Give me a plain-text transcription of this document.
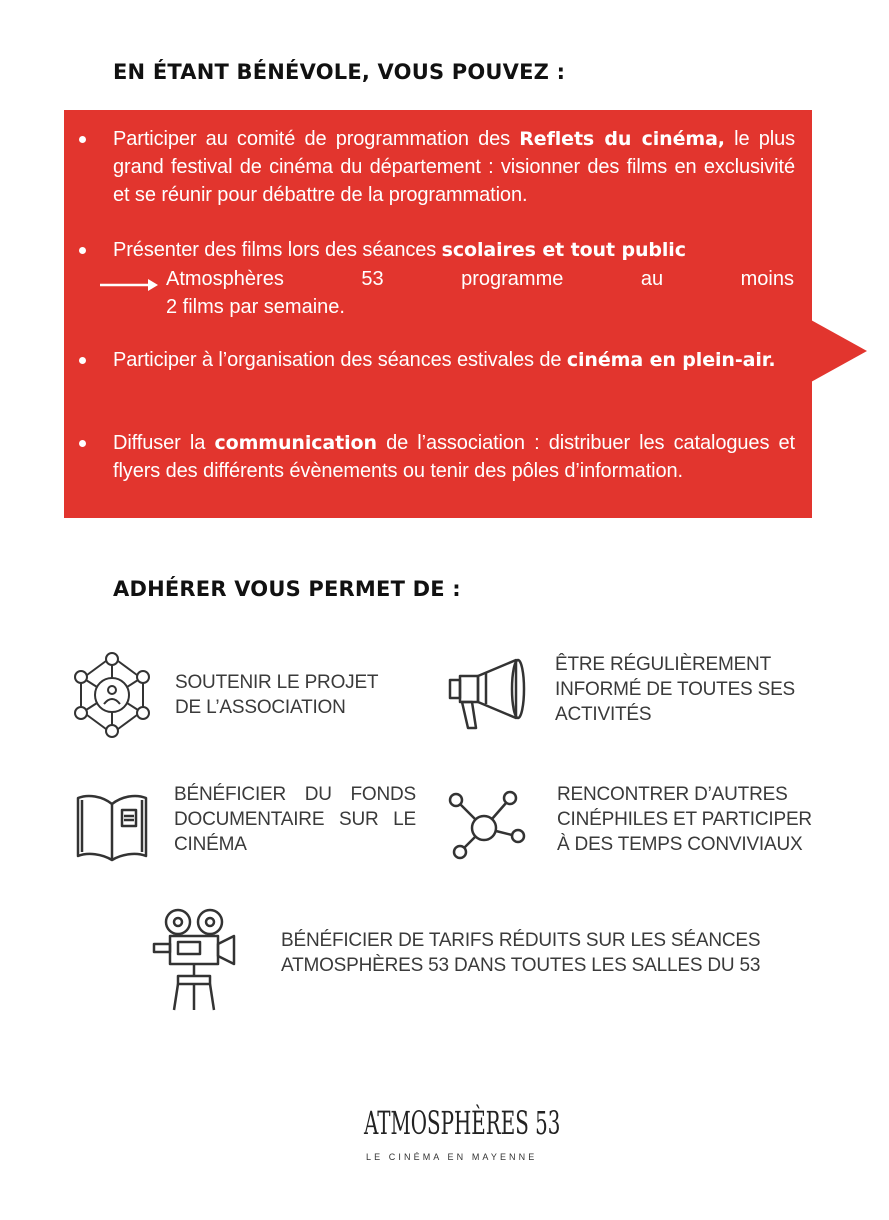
EN ÉTANT BÉNÉVOLE, VOUS POUVEZ :
Participer au comité de programmation des Reflets du cinéma, le plus grand festival de cinéma du département : visionner des films en exclusivité et se réunir pour débattre de la programmation.
Présenter des films lors des séances scolaires et tout public
Atmosphères	53	programme	au	moins
2 films par semaine.
Participer à l’organisation des séances estivales de cinéma en plein-air.
Diffuser la communication de l’association : distribuer les catalogues et flyers des différents évènements ou tenir des pôles d’information.
ADHÉRER VOUS PERMET DE :
SOUTENIR LE PROJET DE L’ASSOCIATION
ÊTRE RÉGULIÈREMENT INFORMÉ DE TOUTES SES ACTIVITÉS
BÉNÉFICIER DU FONDS DOCUMENTAIRE SUR LE CINÉMA
RENCONTRER D’AUTRES CINÉPHILES ET PARTICIPER À DES TEMPS CONVIVIAUX
BÉNÉFICIER DE TARIFS RÉDUITS SUR LES SÉANCES ATMOSPHÈRES 53 DANS TOUTES LES SALLES DU 53
ATMOSPHÈRES 53
LE CINÉMA EN MAYENNE
